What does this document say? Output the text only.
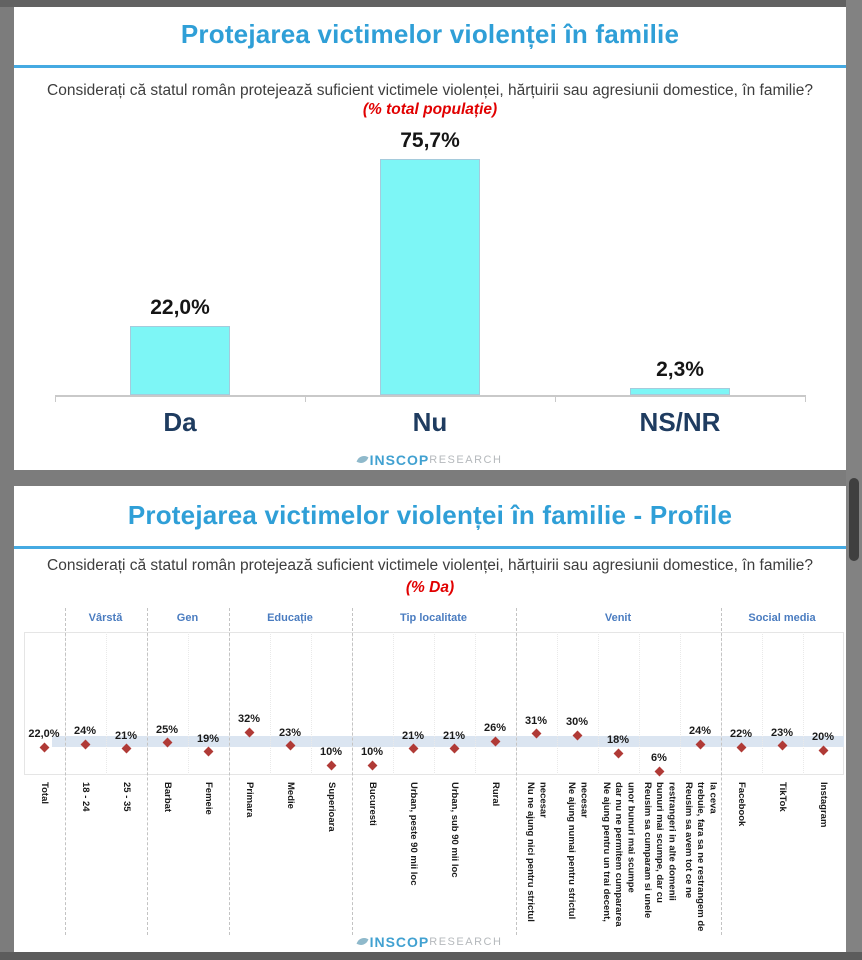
Protejarea victimelor violenței în familie

Considerați că statul român protejează suficient victimele violenței, hărțuirii sau agresiunii domestice, în familie? (% total populație)

22,0%
Da
75,7%
Nu
2,3%
NS/NR
INSCOPRESEARCH
Protejarea victimelor violenței în familie - Profile

Considerați că statul român protejează suficient victimele violenței, hărțuirii sau agresiunii domestice, în familie?
(% Da)

22,0%
Total
Vârstă
24%
18 - 24
21%
25 - 35
Gen
25%
Barbat
19%
Femeie
Educație
32%
Primara
23%
Medie
10%
Superioara
Tip localitate
10%
Bucuresti
21%
Urban, peste 90 mii loc
21%
Urban, sub 90 mii loc
26%
Rural
Venit
31%
Nu ne ajung nici pentru strictul necesar
30%
Ne ajung numai pentru strictul necesar
18%
Ne ajung pentru un trai decent, dar nu ne permitem cumpararea unor bunuri mai scumpe
6%
Reusim sa cumparam si unele bunuri mai scumpe, dar cu restrangeri in alte domenii
24%
Reusim sa avem tot ce ne trebuie, fara sa ne restrangem de la ceva
Social media
22%
Facebook
23%
TikTok
20%
Instagram
INSCOPRESEARCH
